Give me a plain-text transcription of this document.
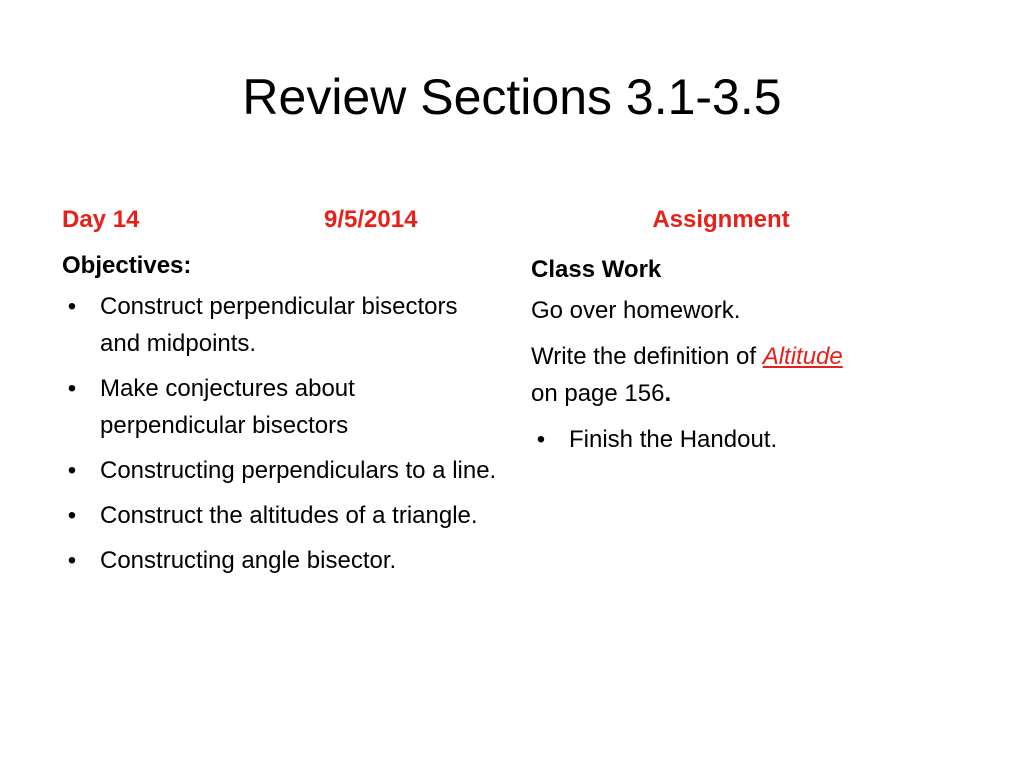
Review Sections 3.1-3.5
Day 14	9/5/2014
Objectives:
• Construct perpendicular bisectors and midpoints.
• Make conjectures about perpendicular bisectors
• Constructing perpendiculars to a line.
• Construct the altitudes of a triangle.
• Constructing angle bisector.
Assignment
Class Work

Go over homework.

Write the definition of Altitude
on page 156.

• Finish the Handout.
